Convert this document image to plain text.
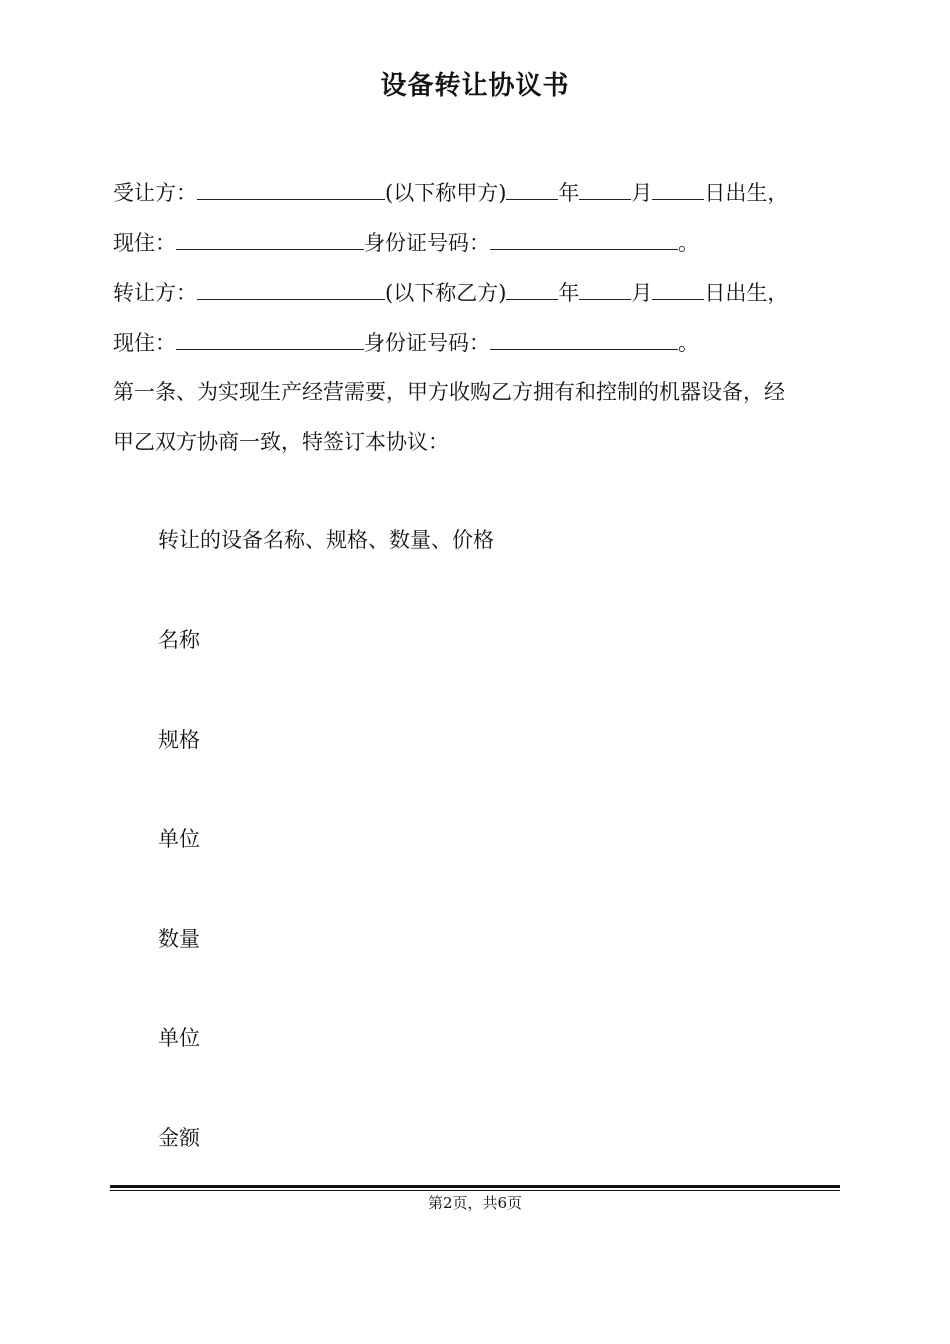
设备转让协议书
受让方：	(以下称甲方) 年 月 日出生，
现住：	身份证号码：	。
转让方：	(以下称乙方) 年 月 日出生，
现住：	身份证号码：	。
第一条、为实现生产经营需要，甲方收购乙方拥有和控制的机器设备，经
甲乙双方协商一致，特签订本协议：
转让的设备名称、规格、数量、价格
名称
规格
单位
数量
单位
金额
第2页，共6页
